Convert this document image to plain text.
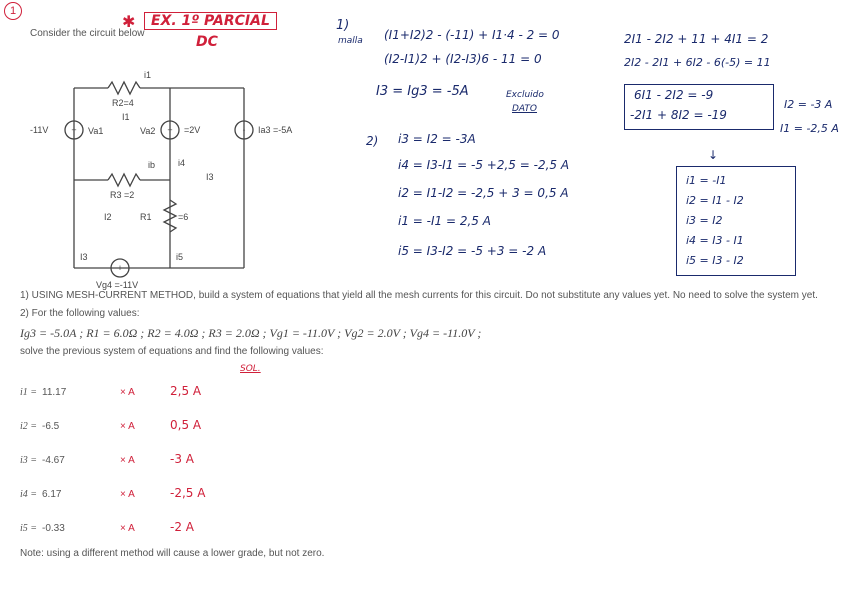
1
Consider the circuit below
✱	EX. 1º PARCIAL
DC
+	+	↑
+
R2=4
R3 =2
R1	=6
-11V	Va1	Va2	=2V	Ia3 =-5A
i1
ib	i4
I3	i5
I1
I2
I3
Vg4 =-11V
1)
(I1+I2)2 - (-11) + I1·4 - 2 = 0
(I2-I1)2 + (I2-I3)6 - 11 = 0
I3 = Ig3 = -5A
malla
Excluido
DATO
2) i3 = I2 = -3A
i4 = I3-I1 = -5 +2,5 = -2,5 A
i2 = I1-I2 = -2,5 + 3 = 0,5 A
i1 = -I1 = 2,5 A
i5 = I3-I2 = -5 +3 = -2 A
2I1 - 2I2 + 11 + 4I1 = 2
2I2 - 2I1 + 6I2 - 6(-5) = 11
6I1 - 2I2 = -9
-2I1 + 8I2 = -19
I2 = -3 A
I1 = -2,5 A
↓
i1 = -I1
i2 = I1 - I2
i3 = I2
i4 = I3 - I1
i5 = I3 - I2
1) USING MESH-CURRENT METHOD, build a system of equations that yield all the mesh currents for this circuit. Do not substitute any values yet. No need to solve the system yet.
2) For the following values:
Ig3 = -5.0A ; R1 = 6.0Ω ; R2 = 4.0Ω ; R3 = 2.0Ω ; Vg1 = -11.0V ; Vg2 = 2.0V ; Vg4 = -11.0V ;
solve the previous system of equations and find the following values:
SOL.
i1 = 11.17	× A	2,5 A
i2 = -6.5	× A	0,5 A
i3 = -4.67	× A	-3 A
i4 = 6.17	× A	-2,5 A
i5 = -0.33	× A	-2 A
Note: using a different method will cause a lower grade, but not zero.
